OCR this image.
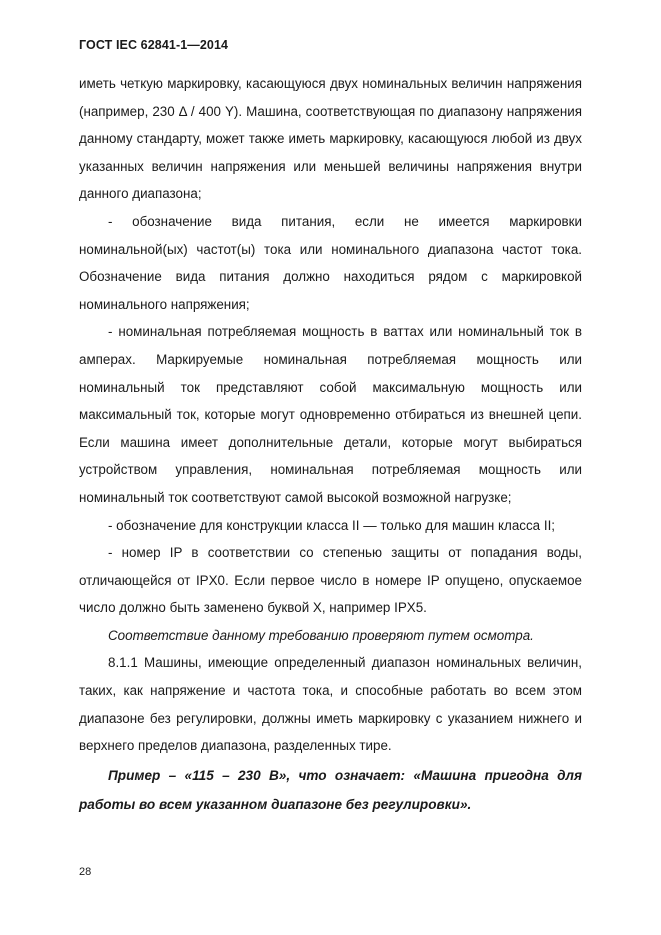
ГОСТ IEC 62841-1—2014

иметь четкую маркировку, касающуюся двух номинальных величин напряжения (например, 230 Δ / 400 Y). Машина, соответствующая по диапазону напряжения данному стандарту, может также иметь маркировку, касающуюся любой из двух указанных величин напряжения или меньшей величины напряжения внутри данного диапазона;

- обозначение вида питания, если не имеется маркировки номинальной(ых) частот(ы) тока или номинального диапазона частот тока. Обозначение вида питания должно находиться рядом с маркировкой номинального напряжения;

- номинальная потребляемая мощность в ваттах или номинальный ток в амперах. Маркируемые номинальная потребляемая мощность или номинальный ток представляют собой максимальную мощность или максимальный ток, которые могут одновременно отбираться из внешней цепи. Если машина имеет дополнительные детали, которые могут выбираться устройством управления, номинальная потребляемая мощность или номинальный ток соответствуют самой высокой возможной нагрузке;

- обозначение для конструкции класса II — только для машин класса II;

- номер IP в соответствии со степенью защиты от попадания воды, отличающейся от IPX0. Если первое число в номере IP опущено, опускаемое число должно быть заменено буквой X, например IPX5.

Соответствие данному требованию проверяют путем осмотра.

8.1.1 Машины, имеющие определенный диапазон номинальных величин, таких, как напряжение и частота тока, и способные работать во всем этом диапазоне без регулировки, должны иметь маркировку с указанием нижнего и верхнего пределов диапазона, разделенных тире.

Пример – «115 – 230 В», что означает: «Машина пригодна для работы во всем указанном диапазоне без регулировки».

28
